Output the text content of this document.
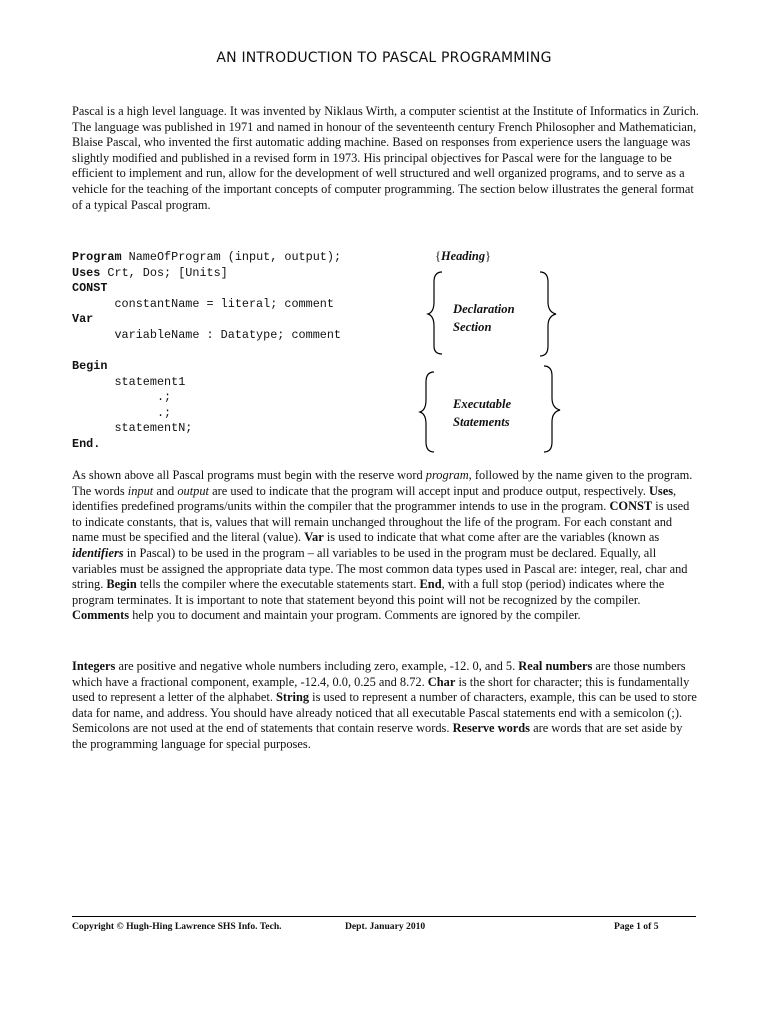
AN INTRODUCTION TO PASCAL PROGRAMMING

Pascal is a high level language. It was invented by Niklaus Wirth, a computer scientist at the Institute of Informatics in Zurich. The language was published in 1971 and named in honour of the seventeenth century French Philosopher and Mathematician, Blaise Pascal, who invented the first automatic adding machine. Based on responses from experience users the language was slightly modified and published in a revised form in 1973. His principal objectives for Pascal were for the language to be efficient to implement and run, allow for the development of well structured and well organized programs, and to serve as a vehicle for the teaching of the important concepts of computer programming. The section below illustrates the general format of a typical Pascal program.

Program NameOfProgram (input, output);
Uses Crt, Dos; [Units]
CONST
constantName = literal; comment
Var
variableName : Datatype; comment
{Heading}
Declaration
Section
Begin
statement1
.;
.;
statementN;
End.
Executable
Statements

As shown above all Pascal programs must begin with the reserve word program, followed by the name given to the program. The words input and output are used to indicate that the program will accept input and produce output, respectively. Uses, identifies predefined programs/units within the compiler that the programmer intends to use in the program. CONST is used to indicate constants, that is, values that will remain unchanged throughout the life of the program. For each constant and name must be specified and the literal (value). Var is used to indicate that what come after are the variables (known as identifiers in Pascal) to be used in the program – all variables to be used in the program must be declared. Equally, all variables must be assigned the appropriate data type. The most common data types used in Pascal are: integer, real, char and string. Begin tells the compiler where the executable statements start. End, with a full stop (period) indicates where the program terminates. It is important to note that statement beyond this point will not be recognized by the compiler. Comments help you to document and maintain your program. Comments are ignored by the compiler.

Integers are positive and negative whole numbers including zero, example, -12. 0, and 5. Real numbers are those numbers which have a fractional component, example, -12.4, 0.0, 0.25 and 8.72. Char is the short for character; this is fundamentally used to represent a letter of the alphabet. String is used to represent a number of characters, example, this can be used to store data for name, and address. You should have already noticed that all executable Pascal statements end with a semicolon (;). Semicolons are not used at the end of statements that contain reserve words. Reserve words are words that are set aside by the programming language for special purposes.

Copyright © Hugh-Hing Lawrence SHS Info. Tech.	Dept. January 2010	Page 1 of 5
